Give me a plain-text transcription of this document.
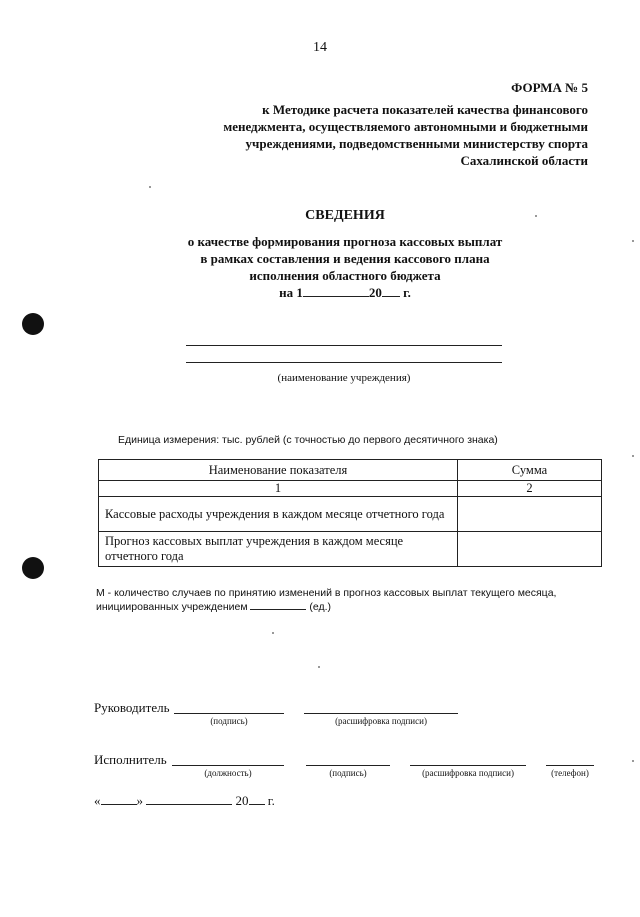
14
ФОРМА № 5
к Методике расчета показателей качества финансового
менеджмента, осуществляемого автономными и бюджетными
учреждениями, подведомственными министерству спорта
Сахалинской области
СВЕДЕНИЯ
о качестве формирования прогноза кассовых выплат
в рамках составления и ведения кассового плана
исполнения областного бюджета
на 1	20 г.
(наименование учреждения)
Единица измерения: тыс. рублей (с точностью до первого десятичного знака)
Наименование показателя	Сумма
1	2
Кассовые расходы учреждения в каждом месяце отчетного года	
Прогноз кассовых выплат учреждения в каждом месяце отчетного года	
М - количество случаев по принятию изменений в прогноз кассовых выплат текущего месяца,
инициированных учреждением	(ед.)
Руководитель
(подпись)	(расшифровка подписи)
Исполнитель
(должность)	(подпись)	(расшифровка подписи)	(телефон)
«	»	20 г.
